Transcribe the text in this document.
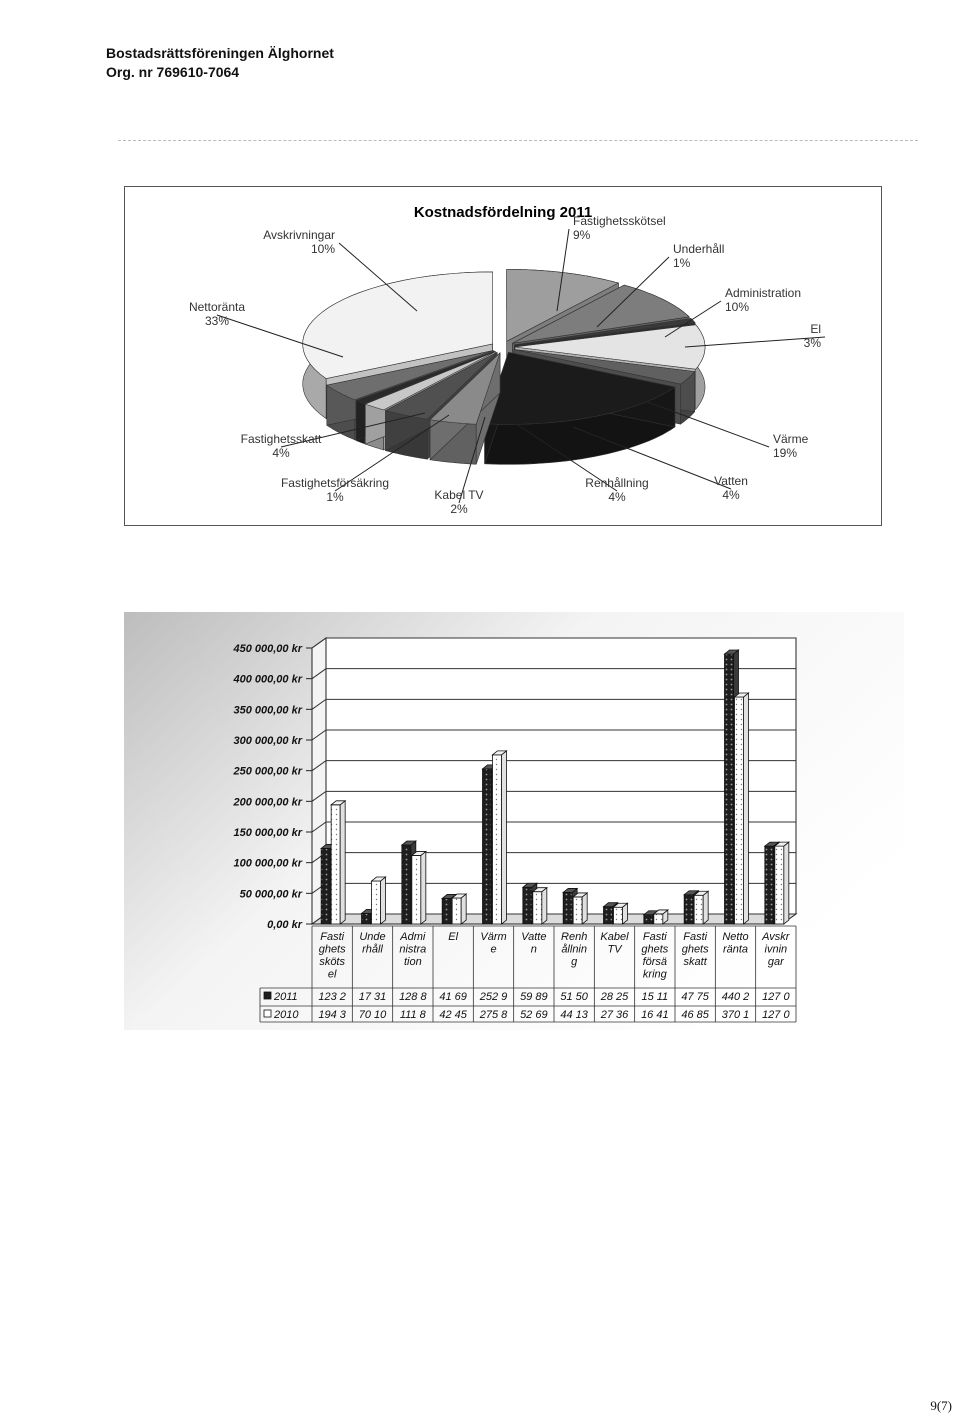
Bostadsrättsföreningen Älghornet
Org. nr 769610-7064
Kostnadsfördelning 2011
Avskrivningar
10%
Fastighetsskötsel
9%
Underhåll
1%
Administration
10%
El
3%
Värme
19%
Vatten
4%
Renhållning
4%
Kabel TV
2%
Fastighetsförsäkring
1%
Fastighetsskatt
4%
Nettoränta
33%
0,00 kr
50 000,00 kr
100 000,00 kr
150 000,00 kr
200 000,00 kr
250 000,00 kr
300 000,00 kr
350 000,00 kr
400 000,00 kr
450 000,00 kr
Fasti
ghets
sköts
el
Unde
rhåll
Admi
nistra
tion
El Värm
e
Vatte
n
Renh
ållnin
g
Kabel
TV
Fasti
ghets
försä
kring
Fasti
ghets
skatt
Netto
ränta
Avskr
ivnin
gar
2011 123 2 17 31 128 8 41 69 252 9 59 89 51 50 28 25 15 11 47 75 440 2 127 0
2010 194 3 70 10 111 8 42 45 275 8 52 69 44 13 27 36 16 41 46 85 370 1 127 0
9(7)
